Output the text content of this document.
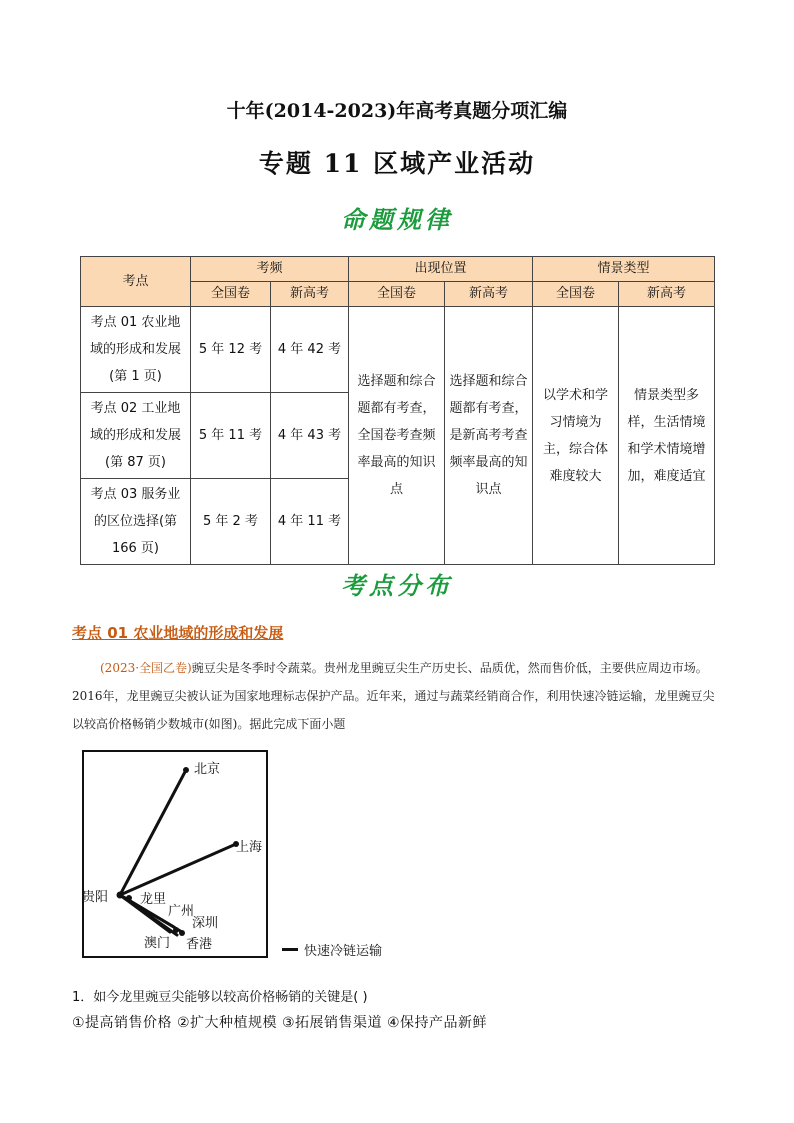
十年(2014-2023)年高考真题分项汇编
专题 11 区域产业活动
命题规律
考点	考频		出现位置		情景类型	
	全国卷	新高考	全国卷	新高考	全国卷	新高考
考点 01 农业地域的形成和发展(第 1 页)	5 年 12 考	4 年 42 考	选择题和综合题都有考查，全国卷考查频率最高的知识点	选择题和综合题都有考查，是新高考考查频率最高的知识点	以学术和学习情境为主，综合体难度较大	情景类型多样，生活情境和学术情境增加，难度适宜
考点 02 工业地域的形成和发展(第 87 页)	5 年 11 考	4 年 43 考				
考点 03 服务业的区位选择(第 166 页)	5 年 2 考	4 年 11 考				
考点分布
考点 01 农业地域的形成和发展
(2023·全国乙卷)豌豆尖是冬季时令蔬菜。贵州龙里豌豆尖生产历史长、品质优，然而售价低，主要供应周边市场。2016年，龙里豌豆尖被认证为国家地理标志保护产品。近年来，通过与蔬菜经销商合作，利用快速冷链运输，龙里豌豆尖以较高价格畅销少数城市(如图)。据此完成下面小题
北京
上海
贵阳 龙里
广州
深圳
澳门 香港	快速冷链运输
1．如今龙里豌豆尖能够以较高价格畅销的关键是( )
①提高销售价格 ②扩大种植规模 ③拓展销售渠道 ④保持产品新鲜
